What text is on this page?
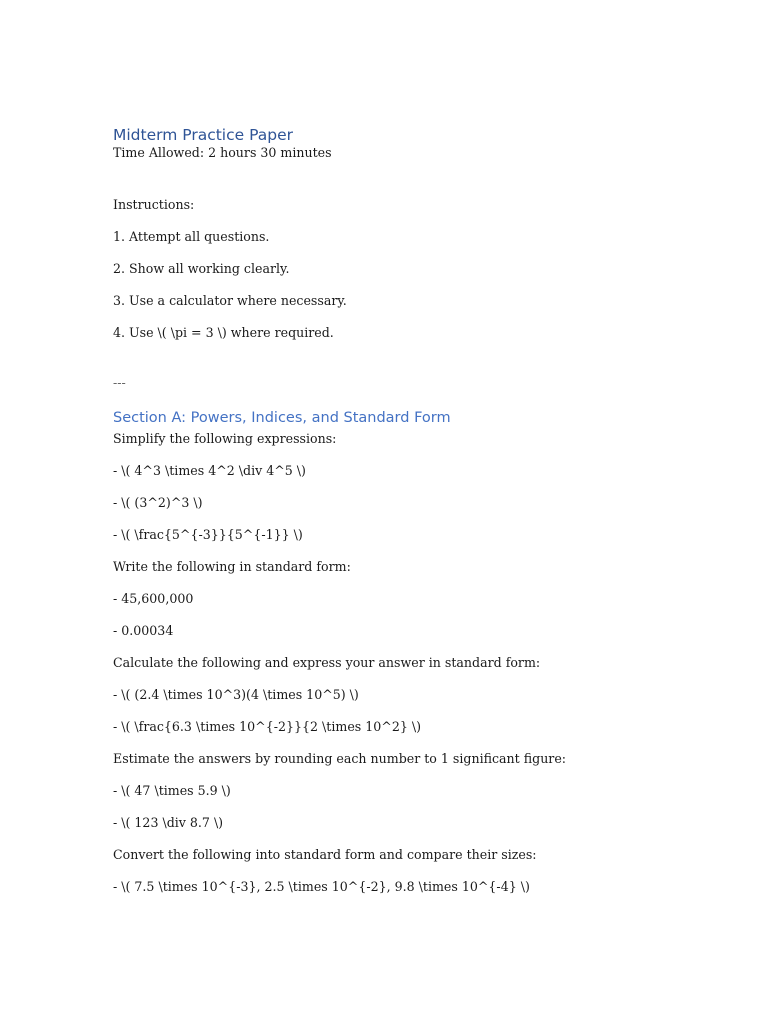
Midterm Practice Paper
Time Allowed: 2 hours 30 minutes
Instructions:
1. Attempt all questions.
2. Show all working clearly.
3. Use a calculator where necessary.
4. Use \( \pi = 3 \) where required.
---
Section A: Powers, Indices, and Standard Form
Simplify the following expressions:
- \( 4^3 \times 4^2 \div 4^5 \)
- \( (3^2)^3 \)
- \( \frac{5^{-3}}{5^{-1}} \)
Write the following in standard form:
- 45,600,000
- 0.00034
Calculate the following and express your answer in standard form:
- \( (2.4 \times 10^3)(4 \times 10^5) \)
- \( \frac{6.3 \times 10^{-2}}{2 \times 10^2} \)
Estimate the answers by rounding each number to 1 significant figure:
- \( 47 \times 5.9 \)
- \( 123 \div 8.7 \)
Convert the following into standard form and compare their sizes:
- \( 7.5 \times 10^{-3}, 2.5 \times 10^{-2}, 9.8 \times 10^{-4} \)
